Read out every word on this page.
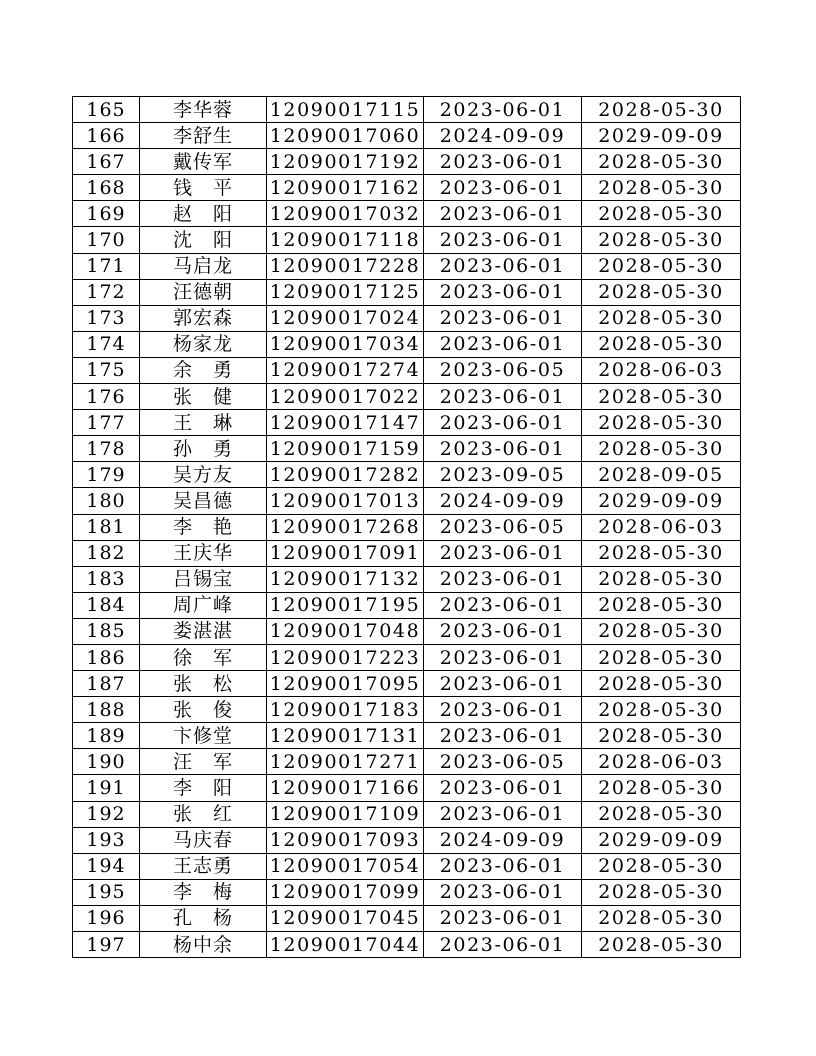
165	李华蓉	12090017115	2023-06-01	2028-05-30
166	李舒生	12090017060	2024-09-09	2029-09-09
167	戴传军	12090017192	2023-06-01	2028-05-30
168	钱　平	12090017162	2023-06-01	2028-05-30
169	赵　阳	12090017032	2023-06-01	2028-05-30
170	沈　阳	12090017118	2023-06-01	2028-05-30
171	马启龙	12090017228	2023-06-01	2028-05-30
172	汪德朝	12090017125	2023-06-01	2028-05-30
173	郭宏森	12090017024	2023-06-01	2028-05-30
174	杨家龙	12090017034	2023-06-01	2028-05-30
175	余　勇	12090017274	2023-06-05	2028-06-03
176	张　健	12090017022	2023-06-01	2028-05-30
177	王　琳	12090017147	2023-06-01	2028-05-30
178	孙　勇	12090017159	2023-06-01	2028-05-30
179	吴方友	12090017282	2023-09-05	2028-09-05
180	吴昌德	12090017013	2024-09-09	2029-09-09
181	李　艳	12090017268	2023-06-05	2028-06-03
182	王庆华	12090017091	2023-06-01	2028-05-30
183	吕锡宝	12090017132	2023-06-01	2028-05-30
184	周广峰	12090017195	2023-06-01	2028-05-30
185	娄湛湛	12090017048	2023-06-01	2028-05-30
186	徐　军	12090017223	2023-06-01	2028-05-30
187	张　松	12090017095	2023-06-01	2028-05-30
188	张　俊	12090017183	2023-06-01	2028-05-30
189	卞修堂	12090017131	2023-06-01	2028-05-30
190	汪　军	12090017271	2023-06-05	2028-06-03
191	李　阳	12090017166	2023-06-01	2028-05-30
192	张　红	12090017109	2023-06-01	2028-05-30
193	马庆春	12090017093	2024-09-09	2029-09-09
194	王志勇	12090017054	2023-06-01	2028-05-30
195	李　梅	12090017099	2023-06-01	2028-05-30
196	孔　杨	12090017045	2023-06-01	2028-05-30
197	杨中余	12090017044	2023-06-01	2028-05-30
